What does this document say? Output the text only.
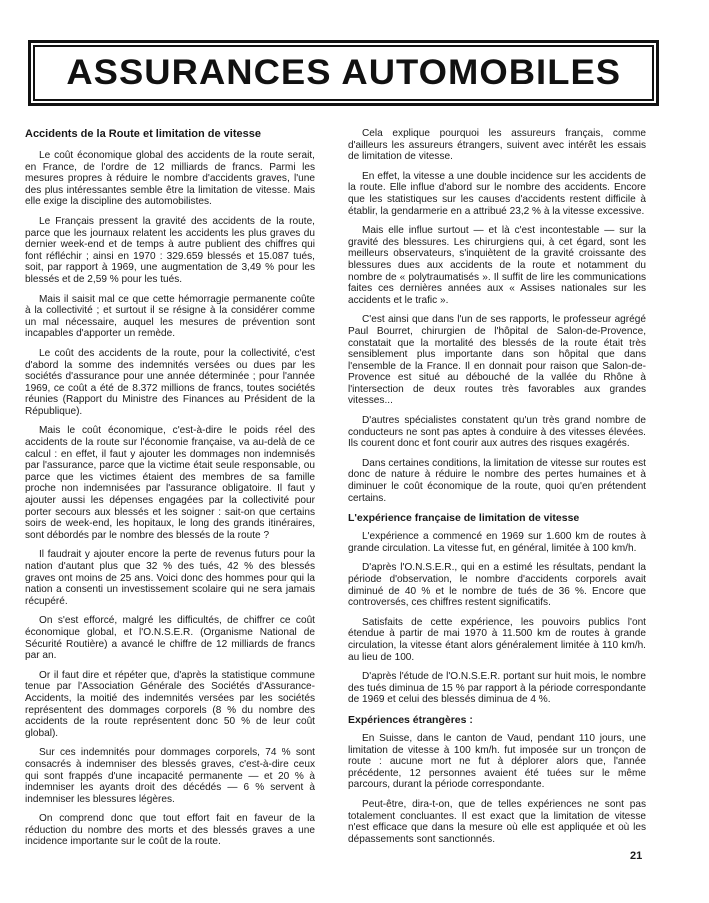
ASSURANCES AUTOMOBILES
Accidents de la Route et limitation de vitesse

Le coût économique global des accidents de la route serait, en France, de l'ordre de 12 milliards de francs. Parmi les mesures propres à réduire le nombre d'accidents graves, l'une des plus intéressantes semble être la limitation de vitesse. Mais elle exige la discipline des automobilistes.

Le Français pressent la gravité des accidents de la route, parce que les journaux relatent les accidents les plus graves du dernier week-end et de temps à autre publient des chiffres qui font réfléchir ; ainsi en 1970 : 329.659 blessés et 15.087 tués, soit, par rapport à 1969, une augmentation de 3,49 % pour les blessés et de 2,59 % pour les tués.

Mais il saisit mal ce que cette hémorragie permanente coûte à la collectivité ; et surtout il se résigne à la considérer comme un mal nécessaire, auquel les mesures de prévention sont incapables d'apporter un remède.

Le coût des accidents de la route, pour la collectivité, c'est d'abord la somme des indemnités versées ou dues par les sociétés d'assurance pour une année déterminée ; pour l'année 1969, ce coût a été de 8.372 millions de francs, toutes sociétés réunies (Rapport du Ministre des Finances au Président de la République).

Mais le coût économique, c'est-à-dire le poids réel des accidents de la route sur l'économie française, va au-delà de ce calcul : en effet, il faut y ajouter les dommages non indemnisés par l'assurance, parce que la victime était seule responsable, ou parce que les victimes étaient des membres de sa famille proche non indemnisées par l'assurance obligatoire. Il faut y ajouter aussi les dépenses engagées par la collectivité pour porter secours aux blessés et les soigner : sait-on que certains soirs de week-end, les hopitaux, le long des grands itinéraires, sont débordés par le nombre des blessés de la route ?

Il faudrait y ajouter encore la perte de revenus futurs pour la nation d'autant plus que 32 % des tués, 42 % des blessés graves ont moins de 25 ans. Voici donc des hommes pour qui la nation a consenti un investissement scolaire qui ne sera jamais récupéré.

On s'est efforcé, malgré les difficultés, de chiffrer ce coût économique global, et l'O.N.S.E.R. (Organisme National de Sécurité Routière) a avancé le chiffre de 12 milliards de francs par an.

Or il faut dire et répéter que, d'après la statistique commune tenue par l'Association Générale des Sociétés d'Assurance-Accidents, la moitié des indemnités versées par les sociétés représentent des dommages corporels (8 % du nombre des accidents de la route représentent donc 50 % de leur coût global).

Sur ces indemnités pour dommages corporels, 74 % sont consacrés à indemniser des blessés graves, c'est-à-dire ceux qui sont frappés d'une incapacité permanente — et 20 % à indemniser les ayants droit des décédés — 6 % servent à indemniser les blessures légères.

On comprend donc que tout effort fait en faveur de la réduction du nombre des morts et des blessés graves a une incidence importante sur le coût de la route.

Cela explique pourquoi les assureurs français, comme d'ailleurs les assureurs étrangers, suivent avec intérêt les essais de limitation de vitesse.

En effet, la vitesse a une double incidence sur les accidents de la route. Elle influe d'abord sur le nombre des accidents. Encore que les statistiques sur les causes d'accidents restent difficile à établir, la gendarmerie en a attribué 23,2 % à la vitesse excessive.

Mais elle influe surtout — et là c'est incontestable — sur la gravité des blessures. Les chirurgiens qui, à cet égard, sont les meilleurs observateurs, s'inquiètent de la gravité croissante des blessures dues aux accidents de la route et notamment du nombre de « polytraumatisés ». Il suffit de lire les communications faites ces dernières années aux « Assises nationales sur les accidents et le trafic ».

C'est ainsi que dans l'un de ses rapports, le professeur agrégé Paul Bourret, chirurgien de l'hôpital de Salon-de-Provence, constatait que la mortalité des blessés de la route était très sensiblement plus importante dans son hôpital que dans l'ensemble de la France. Il en donnait pour raison que Salon-de-Provence est situé au débouché de la vallée du Rhône à l'intersection de deux routes très favorables aux grandes vitesses...

D'autres spécialistes constatent qu'un très grand nombre de conducteurs ne sont pas aptes à conduire à des vitesses élevées. Ils courent donc et font courir aux autres des risques exagérés.

Dans certaines conditions, la limitation de vitesse sur routes est donc de nature à réduire le nombre des pertes humaines et à diminuer le coût économique de la route, quoi qu'en prétendent certains.

L'expérience française de limitation de vitesse

L'expérience a commencé en 1969 sur 1.600 km de routes à grande circulation. La vitesse fut, en général, limitée à 100 km/h.

D'après l'O.N.S.E.R., qui en a estimé les résultats, pendant la période d'observation, le nombre d'accidents corporels avait diminué de 40 % et le nombre de tués de 36 %. Encore que controversés, ces chiffres restent significatifs.

Satisfaits de cette expérience, les pouvoirs publics l'ont étendue à partir de mai 1970 à 11.500 km de routes à grande circulation, la vitesse étant alors généralement limitée à 110 km/h. au lieu de 100.

D'après l'étude de l'O.N.S.E.R. portant sur huit mois, le nombre des tués diminua de 15 % par rapport à la période correspondante de 1969 et celui des blessés diminua de 4 %.

Expériences étrangères :

En Suisse, dans le canton de Vaud, pendant 110 jours, une limitation de vitesse à 100 km/h. fut imposée sur un tronçon de route : aucune mort ne fut à déplorer alors que, l'année précédente, 12 personnes avaient été tuées sur le même parcours, durant la période correspondante.

Peut-être, dira-t-on, que de telles expériences ne sont pas totalement concluantes. Il est exact que la limitation de vitesse n'est efficace que dans la mesure où elle est appliquée et où les dépassements sont sanctionnés.

21
